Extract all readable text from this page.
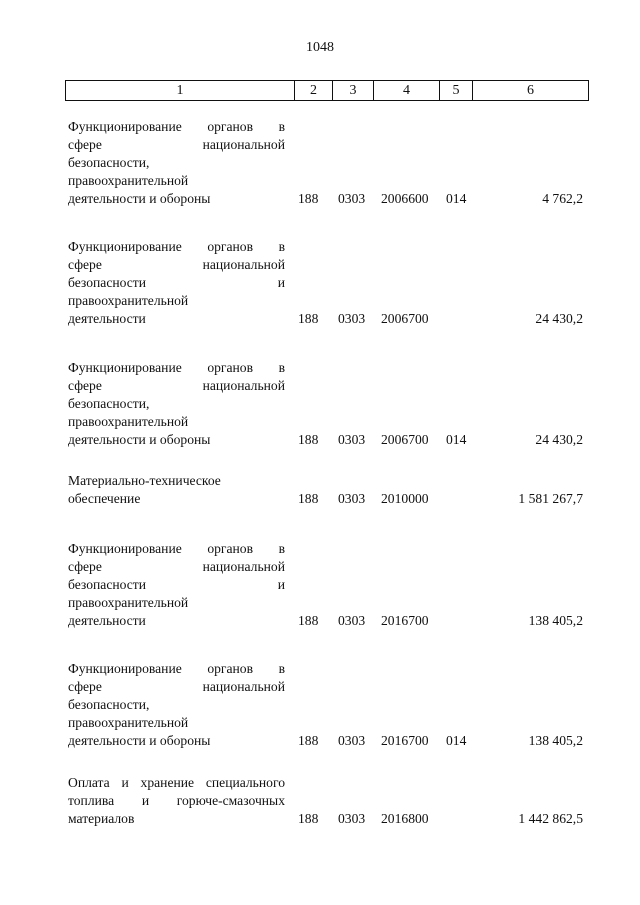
1048
1	2	3	4	5	6
Функционирование органов в
сфере национальной
безопасности,
правоохранительной
деятельности и обороны	188 0303 2006600 014	4 762,2
Функционирование органов в
сфере национальной
безопасности и
правоохранительной
деятельности	188 0303 2006700	24 430,2
Функционирование органов в
сфере национальной
безопасности,
правоохранительной
деятельности и обороны	188 0303 2006700 014	24 430,2
Материально-техническое
обеспечение	188 0303 2010000	1 581 267,7
Функционирование органов в
сфере национальной
безопасности и
правоохранительной
деятельности	188 0303 2016700	138 405,2
Функционирование органов в
сфере национальной
безопасности,
правоохранительной
деятельности и обороны	188 0303 2016700 014	138 405,2
Оплата и хранение специального
топлива и горюче-смазочных
материалов	188 0303 2016800	1 442 862,5
